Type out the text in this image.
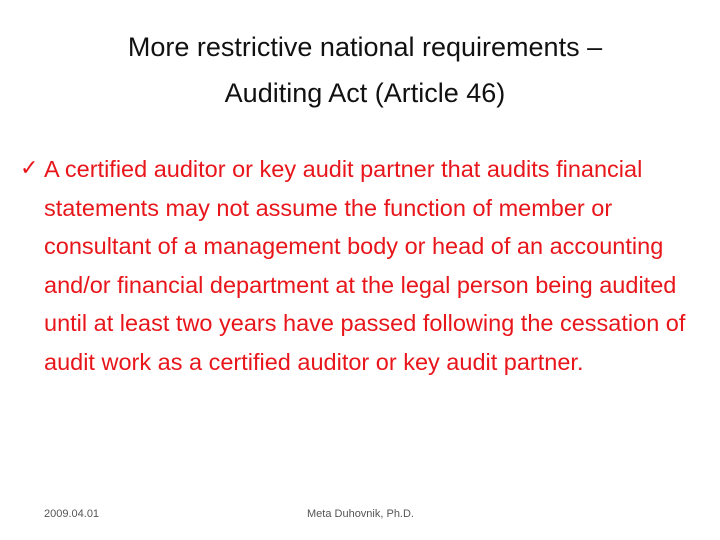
More restrictive national requirements –
Auditing Act (Article 46)
✓ A certified auditor or key audit partner that audits financial statements may not assume the function of member or consultant of a management body or head of an accounting and/or financial department at the legal person being audited until at least two years have passed following the cessation of audit work as a certified auditor or key audit partner.
2009.04.01	Meta Duhovnik, Ph.D.
